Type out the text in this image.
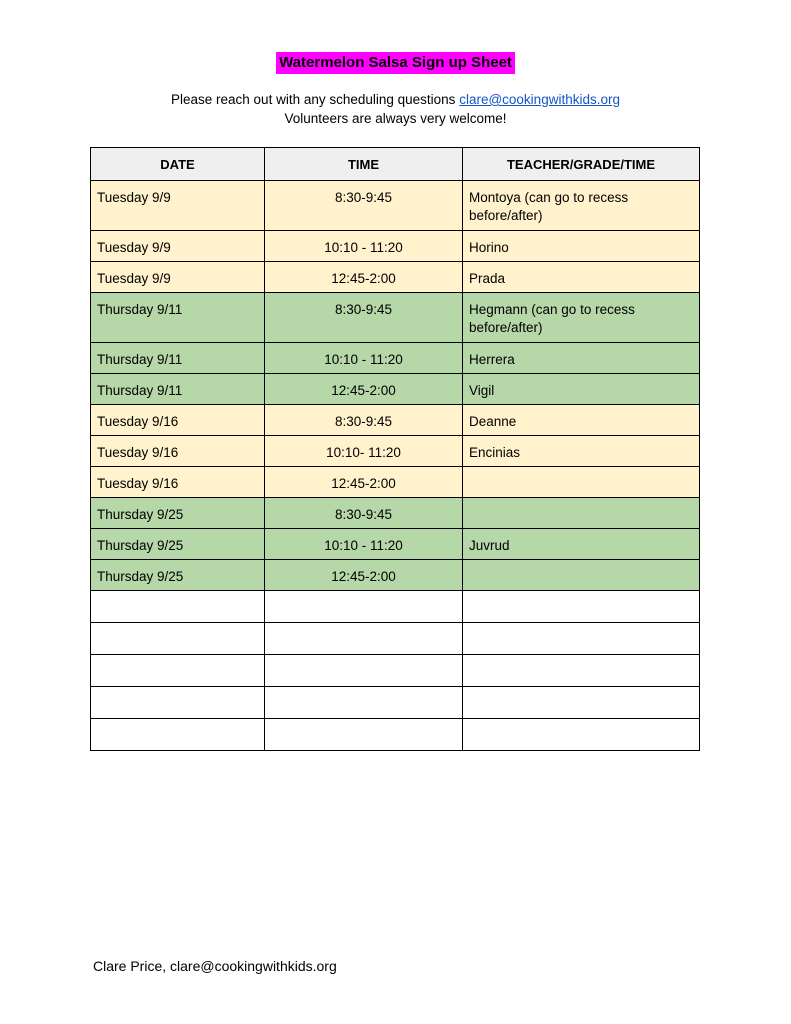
Watermelon Salsa Sign up Sheet
Please reach out with any scheduling questions clare@cookingwithkids.org
Volunteers are always very welcome!
DATE	TIME	TEACHER/GRADE/TIME
Tuesday 9/9	8:30-9:45	Montoya (can go to recess before/after)
Tuesday 9/9	10:10 - 11:20	Horino
Tuesday 9/9	12:45-2:00	Prada
Thursday 9/11	8:30-9:45	Hegmann (can go to recess before/after)
Thursday 9/11	10:10 - 11:20	Herrera
Thursday 9/11	12:45-2:00	Vigil
Tuesday 9/16	8:30-9:45	Deanne
Tuesday 9/16	10:10- 11:20	Encinias
Tuesday 9/16	12:45-2:00	
Thursday 9/25	8:30-9:45	
Thursday 9/25	10:10 - 11:20	Juvrud
Thursday 9/25	12:45-2:00	

Clare Price, clare@cookingwithkids.org
